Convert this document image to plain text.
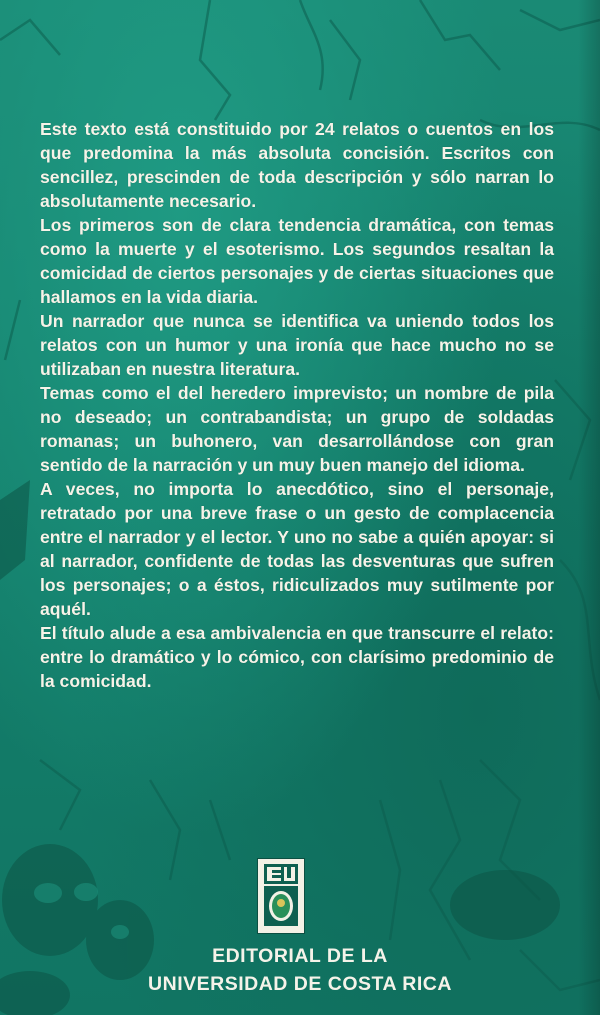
Este texto está constituido por 24 relatos o cuentos en los que predomina la más absoluta concisión. Escritos con sencillez, prescinden de toda descripción y sólo narran lo absolutamente necesario.

Los primeros son de clara tendencia dramática, con temas como la muerte y el esoterismo. Los segundos resaltan la comicidad de ciertos personajes y de ciertas situaciones que hallamos en la vida diaria.

Un narrador que nunca se identifica va uniendo todos los relatos con un humor y una ironía que hace mucho no se utilizaban en nuestra literatura.

Temas como el del heredero imprevisto; un nombre de pila no deseado; un contrabandista; un grupo de soldadas romanas; un buhonero, van desarrollándose con gran sentido de la narración y un muy buen manejo del idioma.

A veces, no importa lo anecdótico, sino el personaje, retratado por una breve frase o un gesto de complacencia entre el narrador y el lector. Y uno no sabe a quién apoyar: si al narrador, confidente de todas las desventuras que sufren los personajes; o a éstos, ridiculizados muy sutilmente por aquél.

El título alude a esa ambivalencia en que transcurre el relato: entre lo dramático y lo cómico, con clarísimo predominio de la comicidad.

EDITORIAL DE LA
UNIVERSIDAD DE COSTA RICA
